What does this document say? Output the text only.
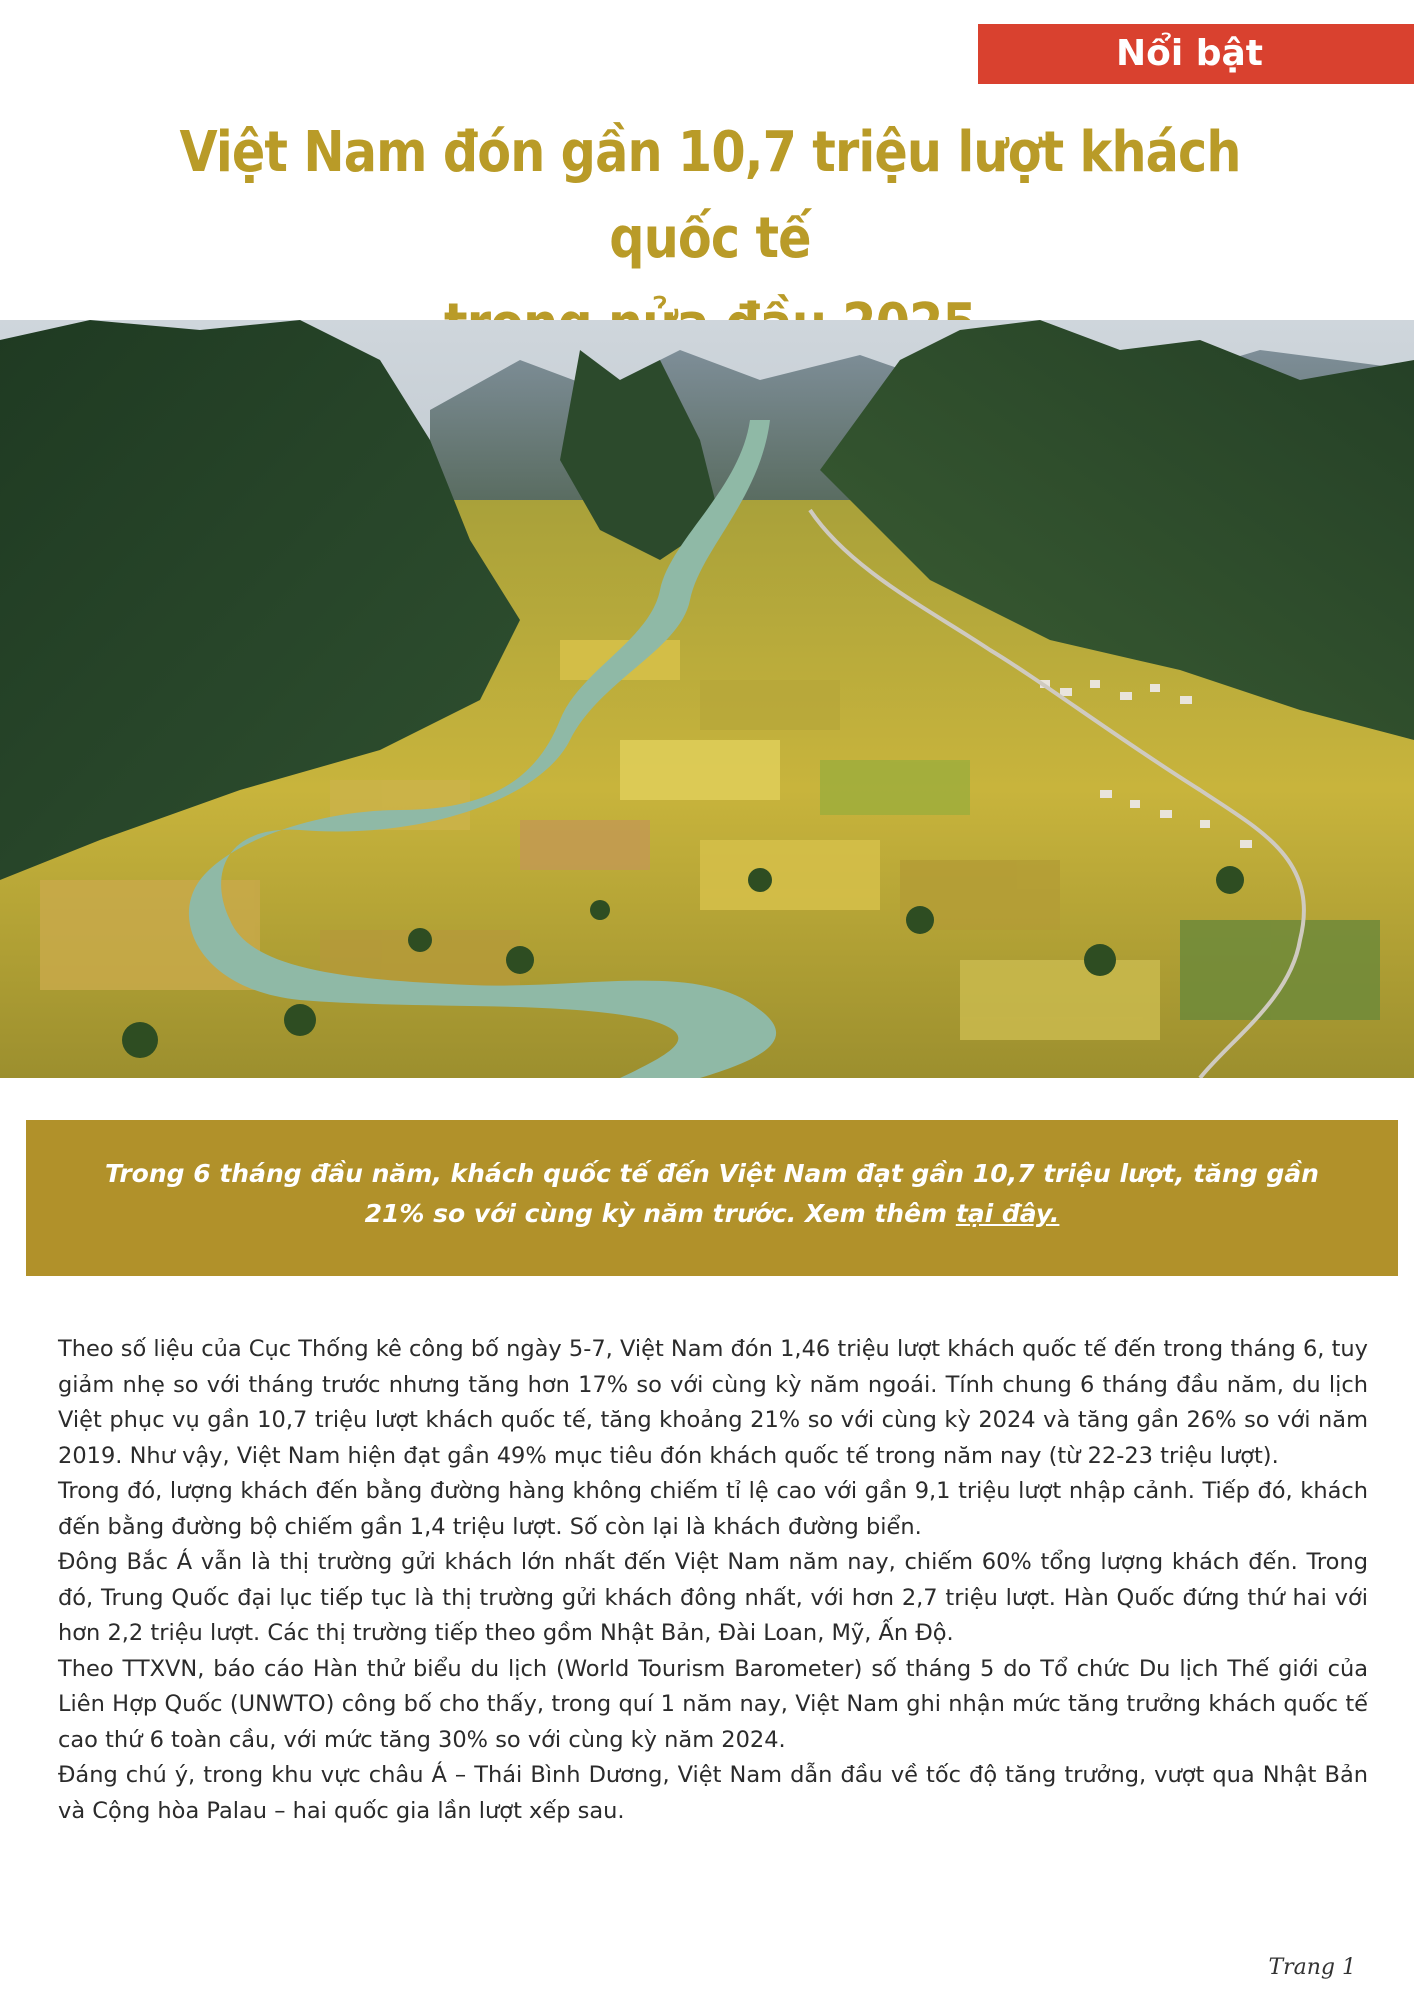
Nổi bật
Việt Nam đón gần 10,7 triệu lượt khách quốc tế
Trong 6 tháng đầu năm, khách quốc tế đến Việt Nam đạt gần 10,7 triệu lượt, tăng gần 21% so với cùng kỳ năm trước. Xem thêm tại đây.

Theo số liệu của Cục Thống kê công bố ngày 5-7, Việt Nam đón 1,46 triệu lượt khách quốc tế đến trong tháng 6, tuy giảm nhẹ so với tháng trước nhưng tăng hơn 17% so với cùng kỳ năm ngoái. Tính chung 6 tháng đầu năm, du lịch Việt phục vụ gần 10,7 triệu lượt khách quốc tế, tăng khoảng 21% so với cùng kỳ 2024 và tăng gần 26% so với năm 2019. Như vậy, Việt Nam hiện đạt gần 49% mục tiêu đón khách quốc tế trong năm nay (từ 22-23 triệu lượt).

Trong đó, lượng khách đến bằng đường hàng không chiếm tỉ lệ cao với gần 9,1 triệu lượt nhập cảnh. Tiếp đó, khách đến bằng đường bộ chiếm gần 1,4 triệu lượt. Số còn lại là khách đường biển.

Đông Bắc Á vẫn là thị trường gửi khách lớn nhất đến Việt Nam năm nay, chiếm 60% tổng lượng khách đến. Trong đó, Trung Quốc đại lục tiếp tục là thị trường gửi khách đông nhất, với hơn 2,7 triệu lượt. Hàn Quốc đứng thứ hai với hơn 2,2 triệu lượt. Các thị trường tiếp theo gồm Nhật Bản, Đài Loan, Mỹ, Ấn Độ.

Theo TTXVN, báo cáo Hàn thử biểu du lịch (World Tourism Barometer) số tháng 5 do Tổ chức Du lịch Thế giới của Liên Hợp Quốc (UNWTO) công bố cho thấy, trong quí 1 năm nay, Việt Nam ghi nhận mức tăng trưởng khách quốc tế cao thứ 6 toàn cầu, với mức tăng 30% so với cùng kỳ năm 2024.

Đáng chú ý, trong khu vực châu Á – Thái Bình Dương, Việt Nam dẫn đầu về tốc độ tăng trưởng, vượt qua Nhật Bản và Cộng hòa Palau – hai quốc gia lần lượt xếp sau.

Trang 1
